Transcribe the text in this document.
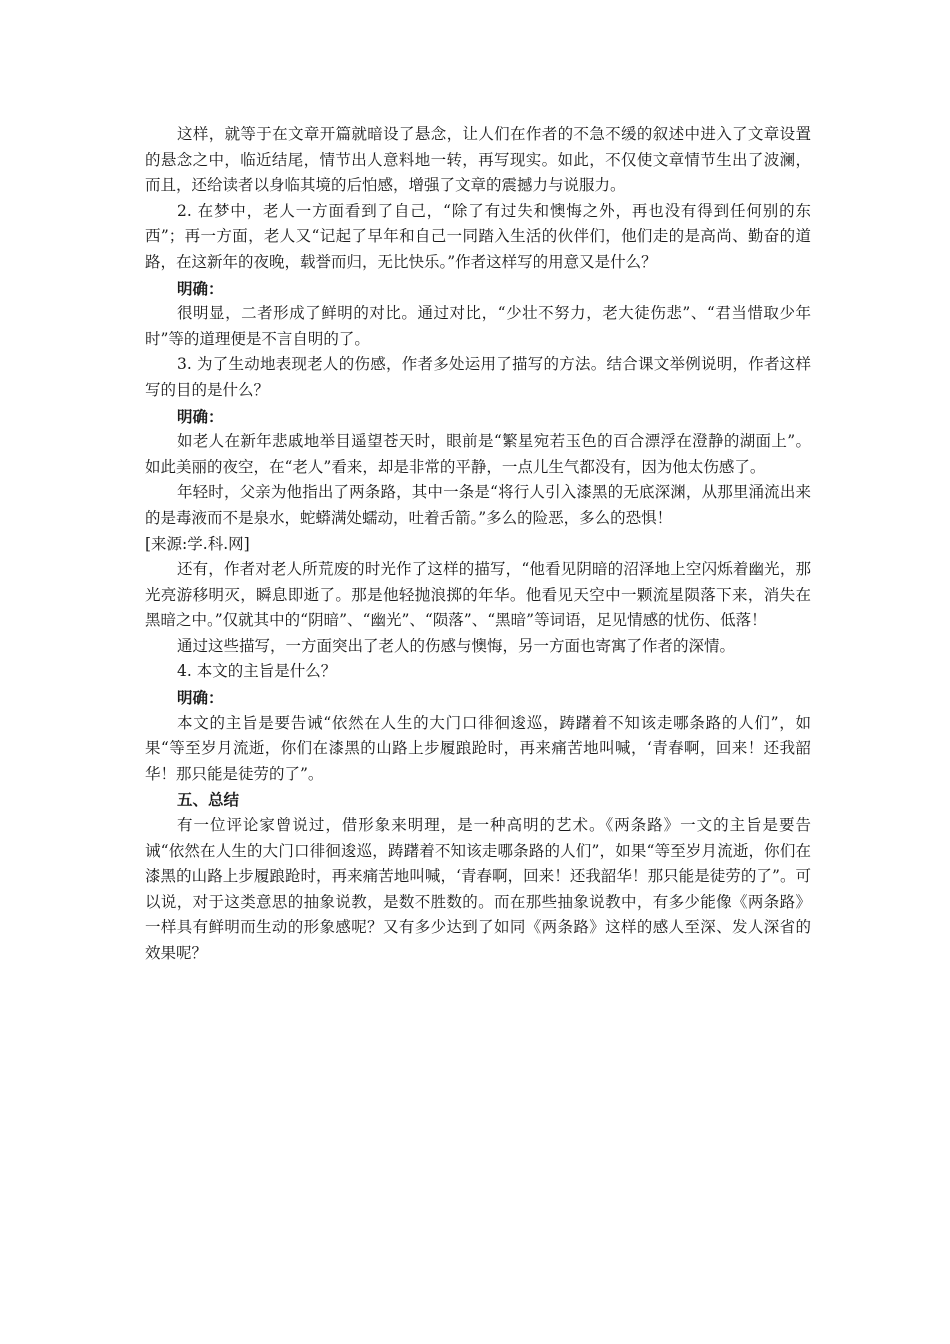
这样，就等于在文章开篇就暗设了悬念，让人们在作者的不急不缓的叙述中进入了文章设置的悬念之中，临近结尾，情节出人意料地一转，再写现实。如此，不仅使文章情节生出了波澜，而且，还给读者以身临其境的后怕感，增强了文章的震撼力与说服力。

2. 在梦中，老人一方面看到了自己，“除了有过失和懊悔之外，再也没有得到任何别的东西”；再一方面，老人又“记起了早年和自己一同踏入生活的伙伴们，他们走的是高尚、勤奋的道路，在这新年的夜晚，载誉而归，无比快乐。”作者这样写的用意又是什么？

明确：

很明显，二者形成了鲜明的对比。通过对比，“少壮不努力，老大徒伤悲”、“君当惜取少年时”等的道理便是不言自明的了。

3. 为了生动地表现老人的伤感，作者多处运用了描写的方法。结合课文举例说明，作者这样写的目的是什么？

明确：

如老人在新年悲戚地举目遥望苍天时，眼前是“繁星宛若玉色的百合漂浮在澄静的湖面上”。如此美丽的夜空，在“老人”看来，却是非常的平静，一点儿生气都没有，因为他太伤感了。

年轻时，父亲为他指出了两条路，其中一条是“将行人引入漆黑的无底深渊，从那里涌流出来的是毒液而不是泉水，蛇蟒满处蠕动，吐着舌箭。”多么的险恶，多么的恐惧！

[来源:学.科.网]

还有，作者对老人所荒废的时光作了这样的描写，“他看见阴暗的沼泽地上空闪烁着幽光，那光亮游移明灭，瞬息即逝了。那是他轻抛浪掷的年华。他看见天空中一颗流星陨落下来，消失在黑暗之中。”仅就其中的“阴暗”、“幽光”、“陨落”、“黑暗”等词语，足见情感的忧伤、低落！

通过这些描写，一方面突出了老人的伤感与懊悔，另一方面也寄寓了作者的深情。

4. 本文的主旨是什么？

明确：

本文的主旨是要告诫“依然在人生的大门口徘徊逡巡，踌躇着不知该走哪条路的人们”，如果“等至岁月流逝，你们在漆黑的山路上步履踉跄时，再来痛苦地叫喊，‘青春啊，回来！还我韶华！那只能是徒劳的了”。

五、总结

有一位评论家曾说过，借形象来明理，是一种高明的艺术。《两条路》一文的主旨是要告诫“依然在人生的大门口徘徊逡巡，踌躇着不知该走哪条路的人们”，如果“等至岁月流逝，你们在漆黑的山路上步履踉跄时，再来痛苦地叫喊，‘青春啊，回来！还我韶华！那只能是徒劳的了”。可以说，对于这类意思的抽象说教，是数不胜数的。而在那些抽象说教中，有多少能像《两条路》一样具有鲜明而生动的形象感呢？又有多少达到了如同《两条路》这样的感人至深、发人深省的效果呢？
